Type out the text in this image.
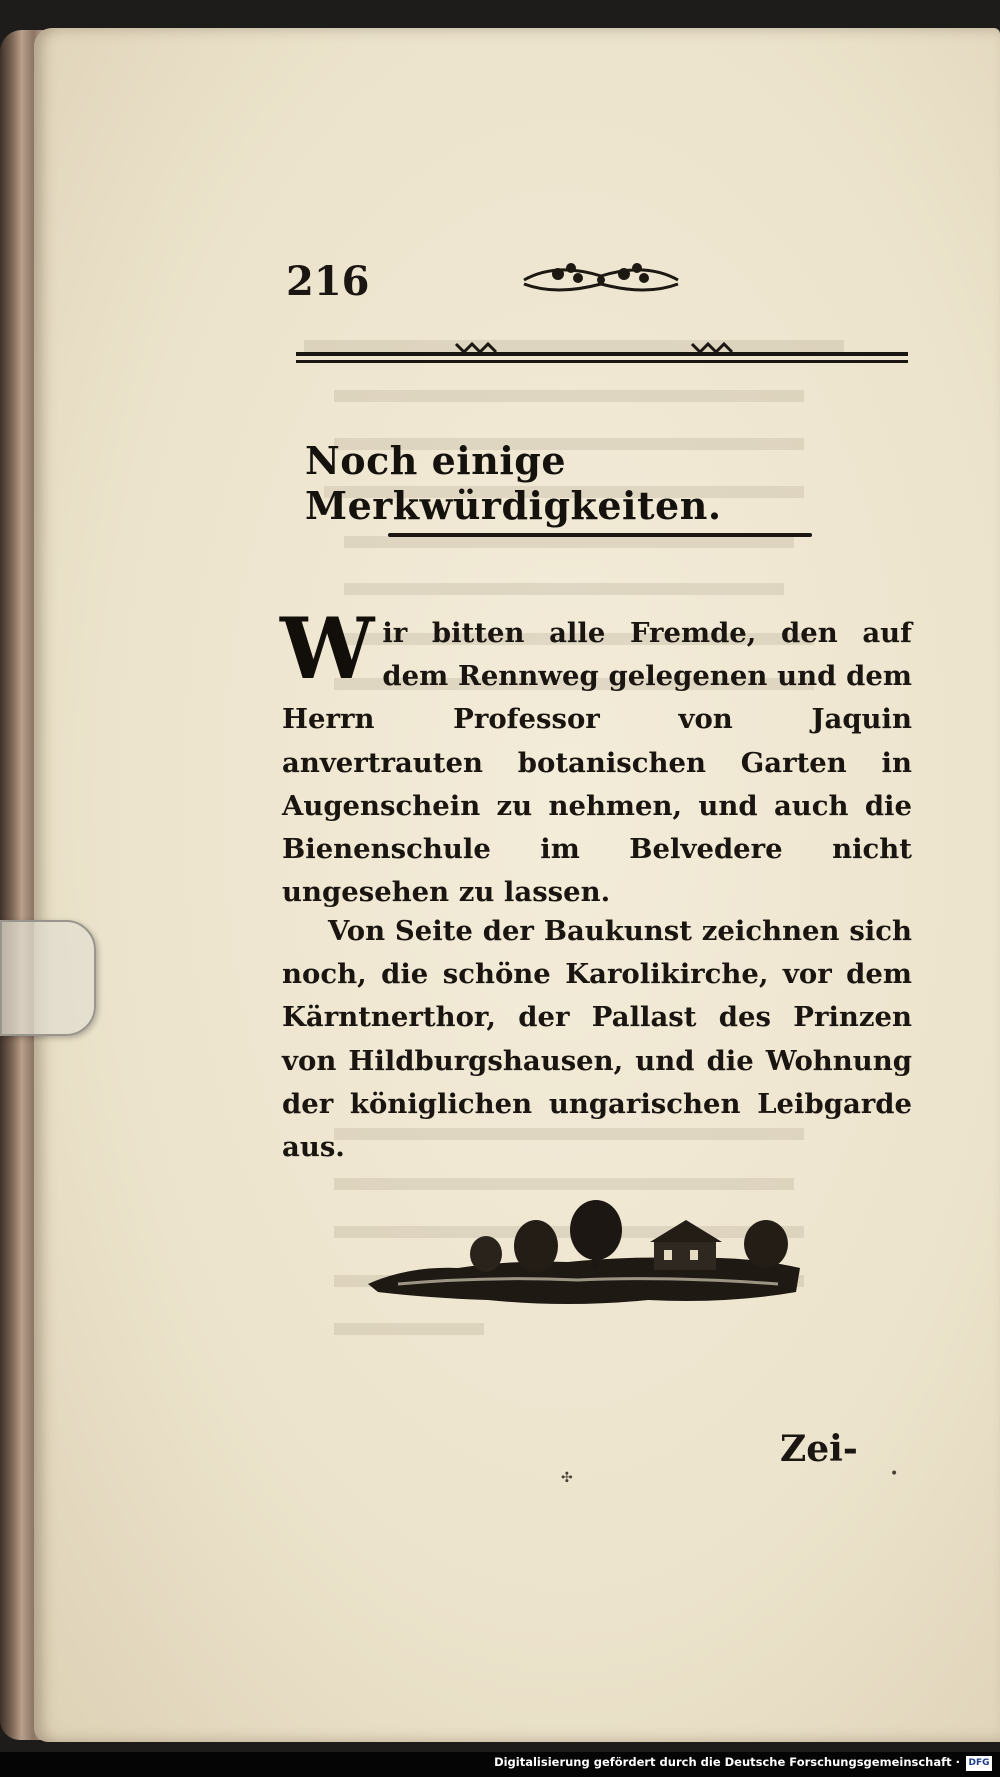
216
Noch einige Merkwürdigkeiten.
Wir bitten alle Fremde, den auf dem Rennweg gelegenen und dem Herrn Professor von Jaquin anvertrauten botanischen Garten in Augenschein zu nehmen, und auch die Bienenschule im Belvedere nicht ungesehen zu lassen.
Von Seite der Baukunst zeichnen sich noch, die schöne Karolikirche, vor dem Kärntnerthor, der Pallast des Prinzen von Hildburgshausen, und die Wohnung der königlichen ungarischen Leibgarde aus.
✣
Zei-
•
Digitalisierung gefördert durch die Deutsche Forschungsgemeinschaft · DFG
